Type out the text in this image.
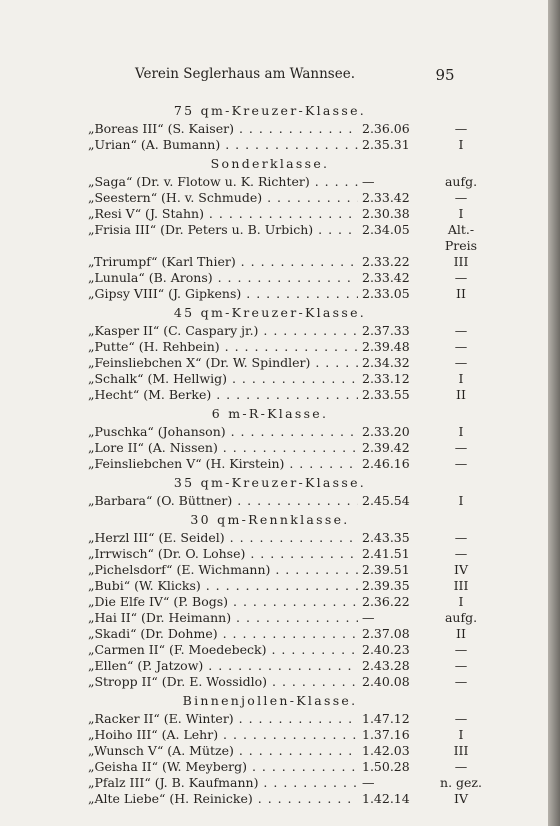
Verein Seglerhaus am Wannsee.	95
75 qm-Kreuzer-Klasse.
„Boreas III“ (S. Kaiser) . . .	2.36.06	—
„Urian“ (A. Bumann) . . .	2.35.31	I
Sonderklasse.
„Saga“ (Dr. v. Flotow u. K. Richter) . . .	—	aufg.
„Seestern“ (H. v. Schmude) . . .	2.33.42	—
„Resi V“ (J. Stahn) . . .	2.30.38	I
„Frisia III“ (Dr. Peters u. B. Urbich) . . .	2.34.05	Alt.-
Preis
„Trirumpf“ (Karl Thier) . . .	2.33.22	III
„Lunula“ (B. Arons) . . .	2.33.42	—
„Gipsy VIII“ (J. Gipkens) . . .	2.33.05	II
45 qm-Kreuzer-Klasse.
„Kasper II“ (C. Caspary jr.) . . .	2.37.33	—
„Putte“ (H. Rehbein) . . .	2.39.48	—
„Feinsliebchen X“ (Dr. W. Spindler) . . .	2.34.32	—
„Schalk“ (M. Hellwig) . . .	2.33.12	I
„Hecht“ (M. Berke) . . .	2.33.55	II
6 m-R-Klasse.
„Puschka“ (Johanson) . . .	2.33.20	I
„Lore II“ (A. Nissen) . . .	2.39.42	—
„Feinsliebchen V“ (H. Kirstein) . . .	2.46.16	—
35 qm-Kreuzer-Klasse.
„Barbara“ (O. Büttner) . . .	2.45.54	I
30 qm-Rennklasse.
„Herzl III“ (E. Seidel) . . .	2.43.35	—
„Irrwisch“ (Dr. O. Lohse) . . .	2.41.51	—
„Pichelsdorf“ (E. Wichmann) . . .	2.39.51	IV
„Bubi“ (W. Klicks) . . .	2.39.35	III
„Die Elfe IV“ (P. Bogs) . . .	2.36.22	I
„Hai II“ (Dr. Heimann) . . .	—	aufg.
„Skadi“ (Dr. Dohme) . . .	2.37.08	II
„Carmen II“ (F. Moedebeck) . . .	2.40.23	—
„Ellen“ (P. Jatzow) . . .	2.43.28	—
„Stropp II“ (Dr. E. Wossidlo) . . .	2.40.08	—
Binnenjollen-Klasse.
„Racker II“ (E. Winter) . . .	1.47.12	—
„Hoiho III“ (A. Lehr) . . .	1.37.16	I
„Wunsch V“ (A. Mütze) . . .	1.42.03	III
„Geisha II“ (W. Meyberg) . . .	1.50.28	—
„Pfalz III“ (J. B. Kaufmann) . . .	—	n. gez.
„Alte Liebe“ (H. Reinicke) . . .	1.42.14	IV
